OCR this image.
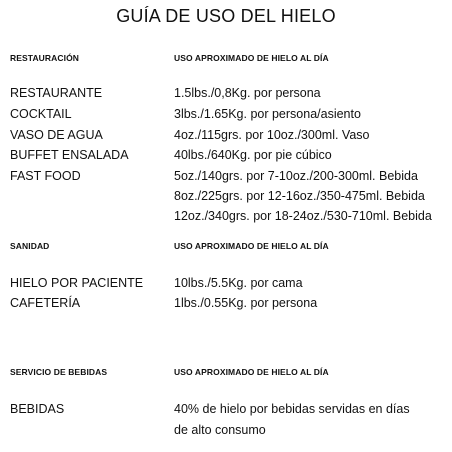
GUÍA DE USO DEL HIELO
RESTAURACIÓN	USO APROXIMADO DE HIELO AL DÍA
RESTAURANTE	1.5lbs./0,8Kg. por persona
COCKTAIL	3lbs./1.65Kg. por persona/asiento
VASO DE AGUA	4oz./115grs. por 10oz./300ml. Vaso
BUFFET ENSALADA	40lbs./640Kg. por pie cúbico
FAST FOOD	5oz./140grs. por 7-10oz./200-300ml. Bebida
8oz./225grs. por 12-16oz./350-475ml. Bebida
12oz./340grs. por 18-24oz./530-710ml. Bebida
SANIDAD	USO APROXIMADO DE HIELO AL DÍA
HIELO POR PACIENTE 10lbs./5.5Kg. por cama
CAFETERÍA	1lbs./0.55Kg. por persona
SERVICIO DE BEBIDAS	USO APROXIMADO DE HIELO AL DÍA
BEBIDAS	40% de hielo por bebidas servidas en días
de alto consumo
